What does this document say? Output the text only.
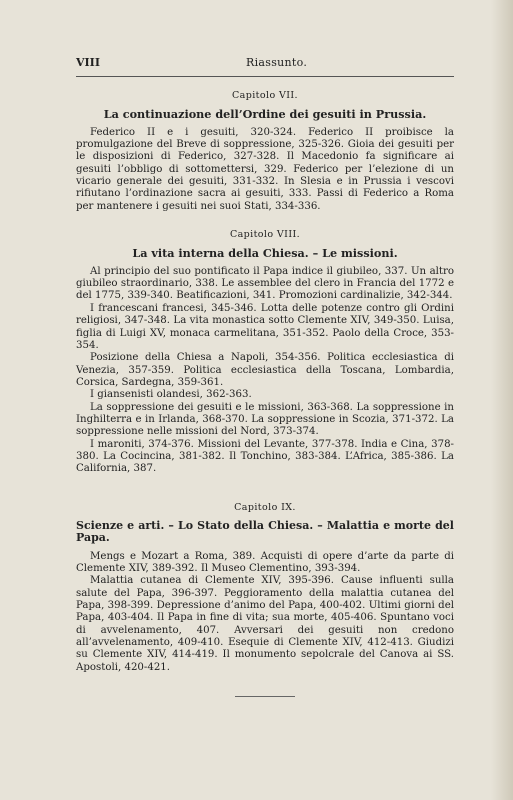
VIII	Riassunto.
Capitolo VII.
La continuazione dell’Ordine dei gesuiti in Prussia.

Federico II e i gesuiti, 320-324. Federico II proibisce la promulgazione del Breve di soppressione, 325-326. Gioia dei gesuiti per le disposizioni di Federico, 327-328. Il Macedonio fa significare ai gesuiti l’obbligo di sottomettersi, 329. Federico per l’elezione di un vicario generale dei gesuiti, 331-332. In Slesia e in Prussia i vescovi rifiutano l’ordinazione sacra ai gesuiti, 333. Passi di Federico a Roma per mantenere i gesuiti nei suoi Stati, 334-336.

Capitolo VIII.
La vita interna della Chiesa. – Le missioni.

Al principio del suo pontificato il Papa indice il giubileo, 337. Un altro giubileo straordinario, 338. Le assemblee del clero in Francia del 1772 e del 1775, 339-340. Beatificazioni, 341. Promozioni cardinalizie, 342-344.

I francescani francesi, 345-346. Lotta delle potenze contro gli Ordini religiosi, 347-348. La vita monastica sotto Clemente XIV, 349-350. Luisa, figlia di Luigi XV, monaca carmelitana, 351-352. Paolo della Croce, 353-354.

Posizione della Chiesa a Napoli, 354-356. Politica ecclesiastica di Venezia, 357-359. Politica ecclesiastica della Toscana, Lombardia, Corsica, Sardegna, 359-361.

I giansenisti olandesi, 362-363.

La soppressione dei gesuiti e le missioni, 363-368. La soppressione in Inghilterra e in Irlanda, 368-370. La soppressione in Scozia, 371-372. La soppressione nelle missioni del Nord, 373-374.

I maroniti, 374-376. Missioni del Levante, 377-378. India e Cina, 378-380. La Cocincina, 381-382. Il Tonchino, 383-384. L’Africa, 385-386. La California, 387.

Capitolo IX.
Scienze e arti. – Lo Stato della Chiesa. – Malattia e morte del Papa.

Mengs e Mozart a Roma, 389. Acquisti di opere d’arte da parte di Clemente XIV, 389-392. Il Museo Clementino, 393-394.

Malattia cutanea di Clemente XIV, 395-396. Cause influenti sulla salute del Papa, 396-397. Peggioramento della malattia cutanea del Papa, 398-399. Depressione d’animo del Papa, 400-402. Ultimi giorni del Papa, 403-404. Il Papa in fine di vita; sua morte, 405-406. Spuntano voci di avvelenamento, 407. Avversari dei gesuiti non credono all’avvelenamento, 409-410. Esequie di Clemente XIV, 412-413. Giudizi su Clemente XIV, 414-419. Il monumento sepolcrale del Canova ai SS. Apostoli, 420-421.
